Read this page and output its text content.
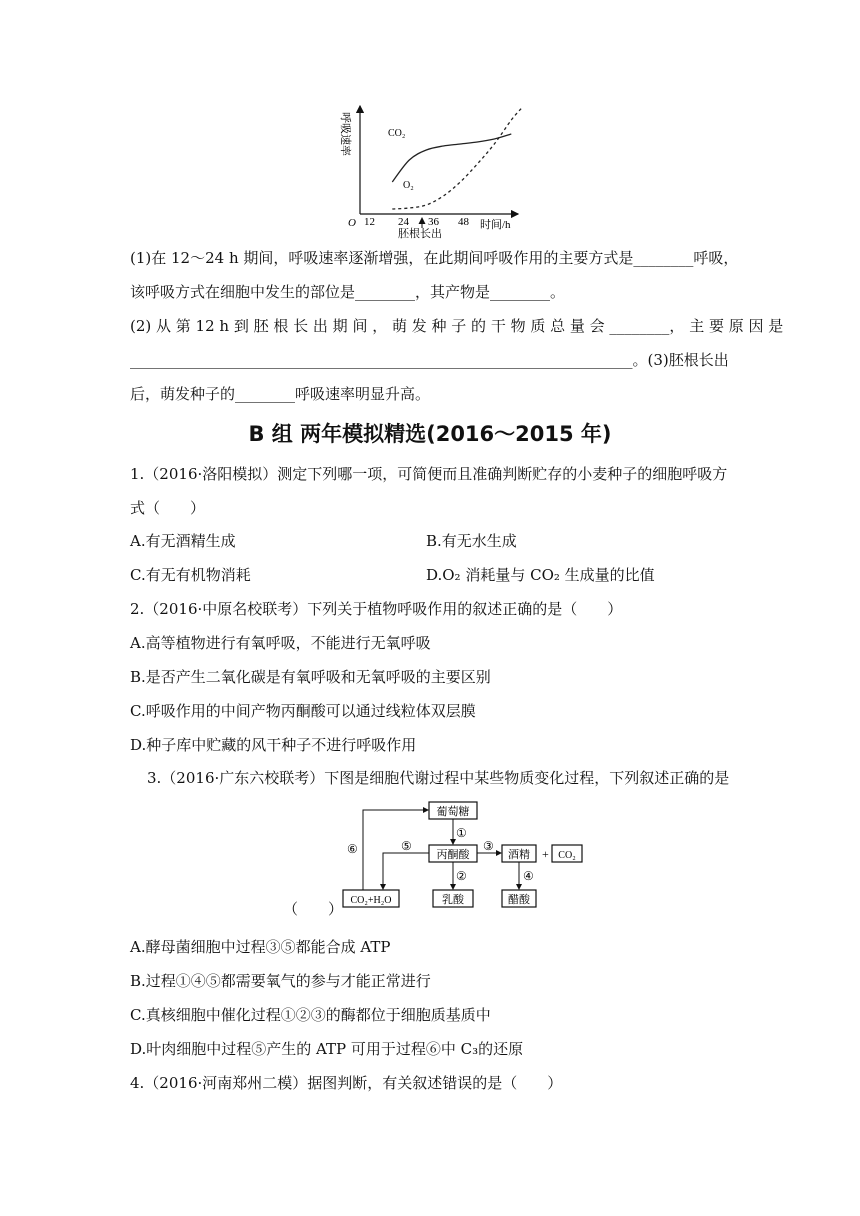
呼吸速率
O 12 24 36 48 时间/h
胚根长出
CO₂
O₂
(1)在 12～24 h 期间，呼吸速率逐渐增强，在此期间呼吸作用的主要方式是________呼吸，
该呼吸方式在细胞中发生的部位是________，其产物是________。
(2) 从 第 12 h 到 胚 根 长 出 期 间 ， 萌 发 种 子 的 干 物 质 总 量 会 ________， 主 要 原 因 是
___________________________________________________________________。(3)胚根长出
后，萌发种子的________呼吸速率明显升高。
B 组 两年模拟精选(2016～2015 年)
1.（2016·洛阳模拟）测定下列哪一项，可简便而且准确判断贮存的小麦种子的细胞呼吸方
式（　　）
A.有无酒精生成	B.有无水生成
C.有无有机物消耗	D.O₂ 消耗量与 CO₂ 生成量的比值
2.（2016·中原名校联考）下列关于植物呼吸作用的叙述正确的是（　　）
A.高等植物进行有氧呼吸，不能进行无氧呼吸
B.是否产生二氧化碳是有氧呼吸和无氧呼吸的主要区别
C.呼吸作用的中间产物丙酮酸可以通过线粒体双层膜
D.种子库中贮藏的风干种子不进行呼吸作用
3.（2016·广东六校联考）下图是细胞代谢过程中某些物质变化过程，下列叙述正确的是
葡萄糖
丙酮酸	酒精 + CO₂
CO₂+H₂O	乳酸	醋酸
①
②
③
④
⑤
⑥
（　　）
A.酵母菌细胞中过程③⑤都能合成 ATP
B.过程①④⑤都需要氧气的参与才能正常进行
C.真核细胞中催化过程①②③的酶都位于细胞质基质中
D.叶肉细胞中过程⑤产生的 ATP 可用于过程⑥中 C₃的还原
4.（2016·河南郑州二模）据图判断，有关叙述错误的是（　　）
